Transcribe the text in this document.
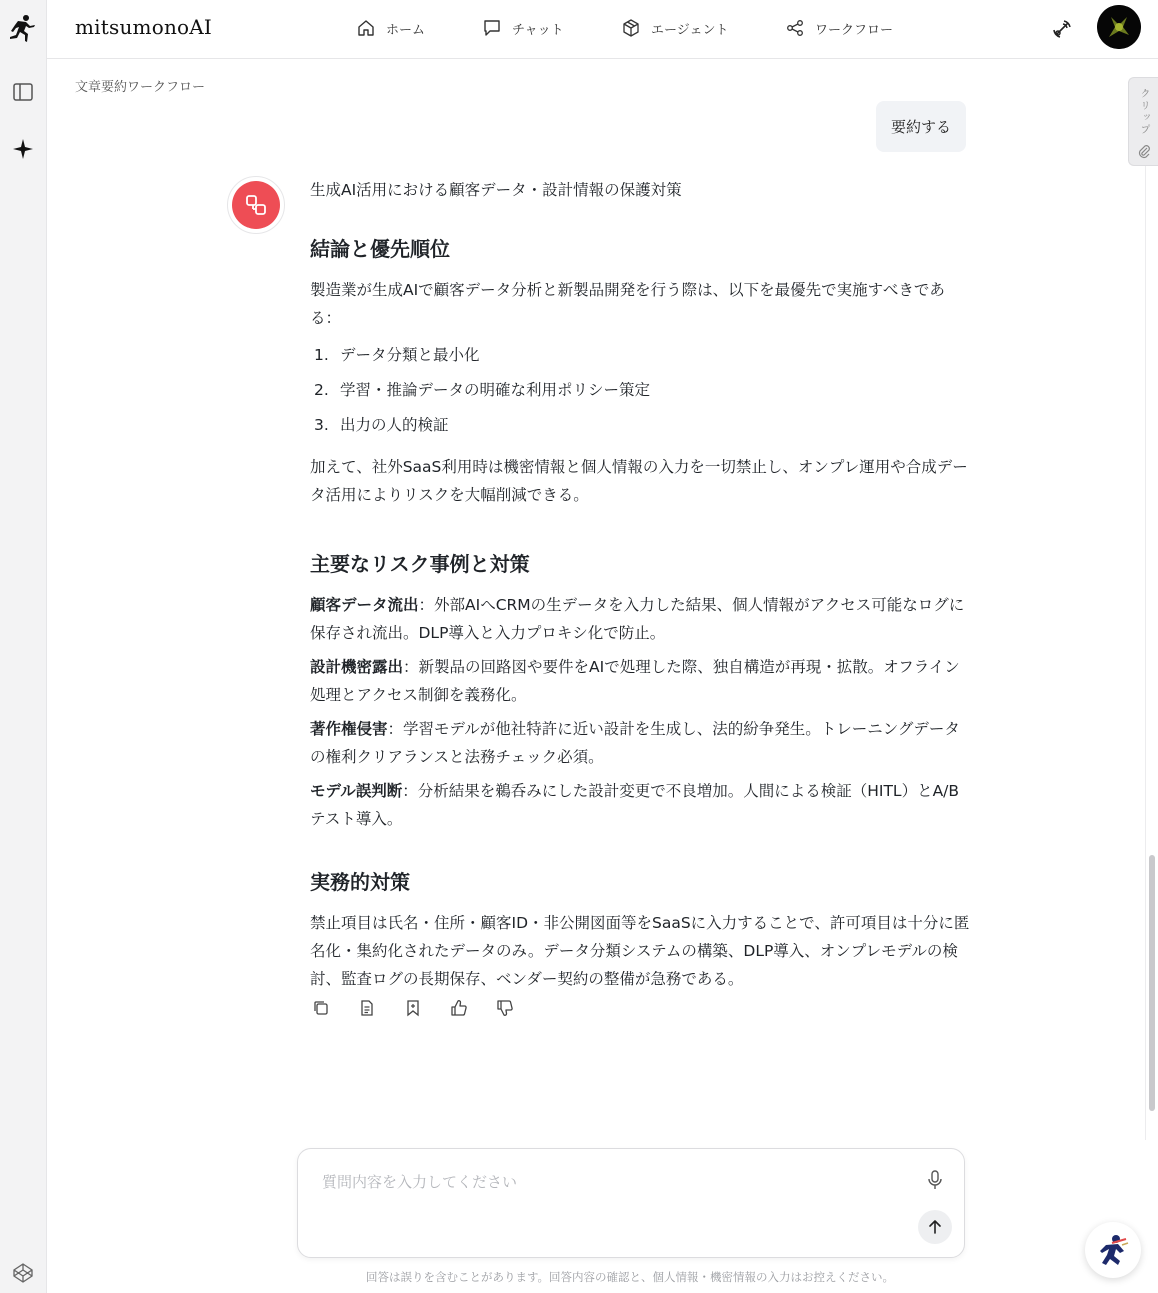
mitsumonoAI	ホーム	チャット	エージェント	ワークフロー
文章要約ワークフロー
クリップ
要約する
生成AI活用における顧客データ・設計情報の保護対策
結論と優先順位

製造業が生成AIで顧客データ分析と新製品開発を行う際は、以下を最優先で実施すべきである：

1. データ分類と最小化
2. 学習・推論データの明確な利用ポリシー策定
3. 出力の人的検証

加えて、社外SaaS利用時は機密情報と個人情報の入力を一切禁止し、オンプレ運用や合成データ活用によりリスクを大幅削減できる。

主要なリスク事例と対策

顧客データ流出：外部AIへCRMの生データを入力した結果、個人情報がアクセス可能なログに保存され流出。DLP導入と入力プロキシ化で防止。

設計機密露出：新製品の回路図や要件をAIで処理した際、独自構造が再現・拡散。オフライン処理とアクセス制御を義務化。

著作権侵害：学習モデルが他社特許に近い設計を生成し、法的紛争発生。トレーニングデータの権利クリアランスと法務チェック必須。

モデル誤判断：分析結果を鵜呑みにした設計変更で不良増加。人間による検証（HITL）とA/Bテスト導入。

実務的対策

禁止項目は氏名・住所・顧客ID・非公開図面等をSaaSに入力することで、許可項目は十分に匿名化・集約化されたデータのみ。データ分類システムの構築、DLP導入、オンプレモデルの検討、監査ログの長期保存、ベンダー契約の整備が急務である。

質問内容を入力してください
回答は誤りを含むことがあります。回答内容の確認と、個人情報・機密情報の入力はお控えください。
